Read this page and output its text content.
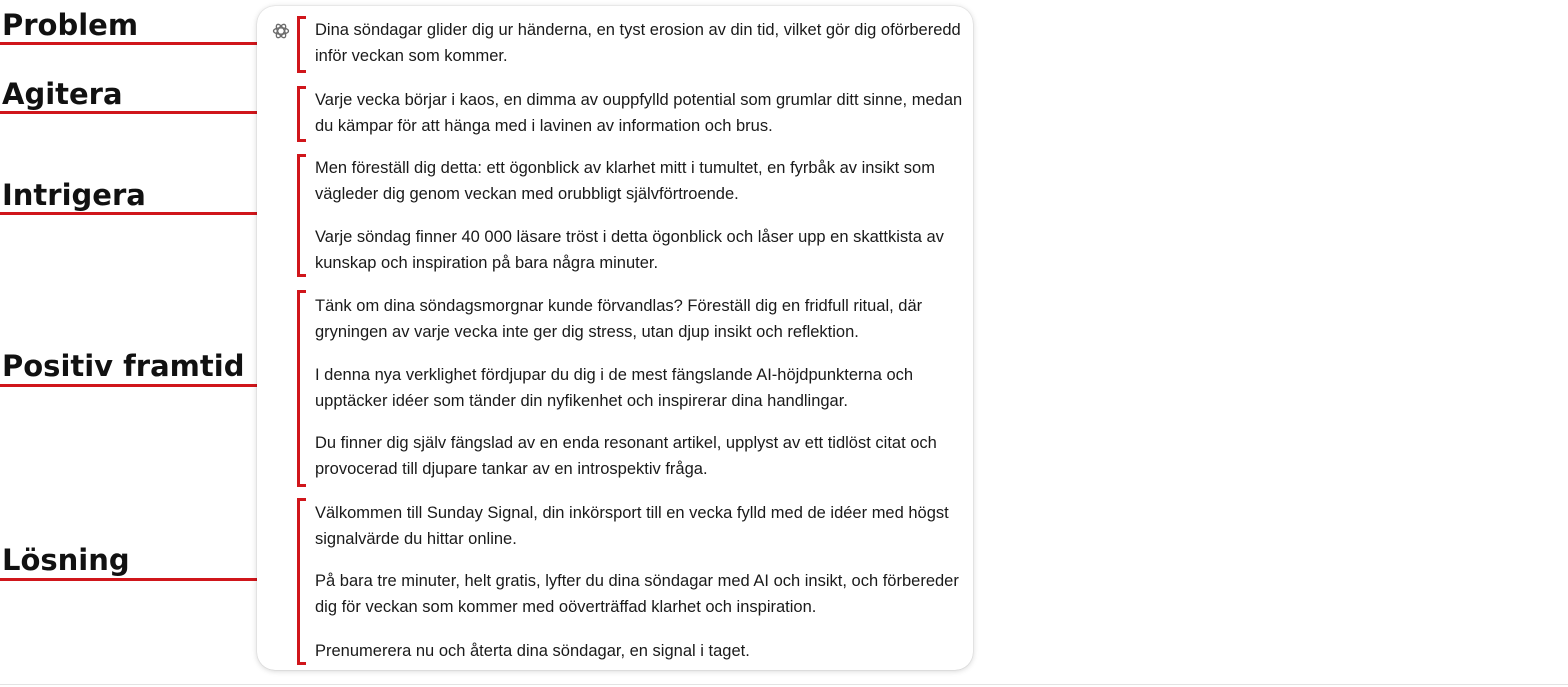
Problem
Agitera
Intrigera
Positiv framtid
Lösning

Dina söndagar glider dig ur händerna, en tyst erosion av din tid, vilket gör dig oförberedd inför veckan som kommer.

Varje vecka börjar i kaos, en dimma av ouppfylld potential som grumlar ditt sinne, medan du kämpar för att hänga med i lavinen av information och brus.

Men föreställ dig detta: ett ögonblick av klarhet mitt i tumultet, en fyrbåk av insikt som vägleder dig genom veckan med orubbligt självförtroende.

Varje söndag finner 40 000 läsare tröst i detta ögonblick och låser upp en skattkista av kunskap och inspiration på bara några minuter.

Tänk om dina söndagsmorgnar kunde förvandlas? Föreställ dig en fridfull ritual, där gryningen av varje vecka inte ger dig stress, utan djup insikt och reflektion.

I denna nya verklighet fördjupar du dig i de mest fängslande AI-höjdpunkterna och upptäcker idéer som tänder din nyfikenhet och inspirerar dina handlingar.

Du finner dig själv fängslad av en enda resonant artikel, upplyst av ett tidlöst citat och provocerad till djupare tankar av en introspektiv fråga.

Välkommen till Sunday Signal, din inkörsport till en vecka fylld med de idéer med högst signalvärde du hittar online.

På bara tre minuter, helt gratis, lyfter du dina söndagar med AI och insikt, och förbereder dig för veckan som kommer med oöverträffad klarhet och inspiration.

Prenumerera nu och återta dina söndagar, en signal i taget.
